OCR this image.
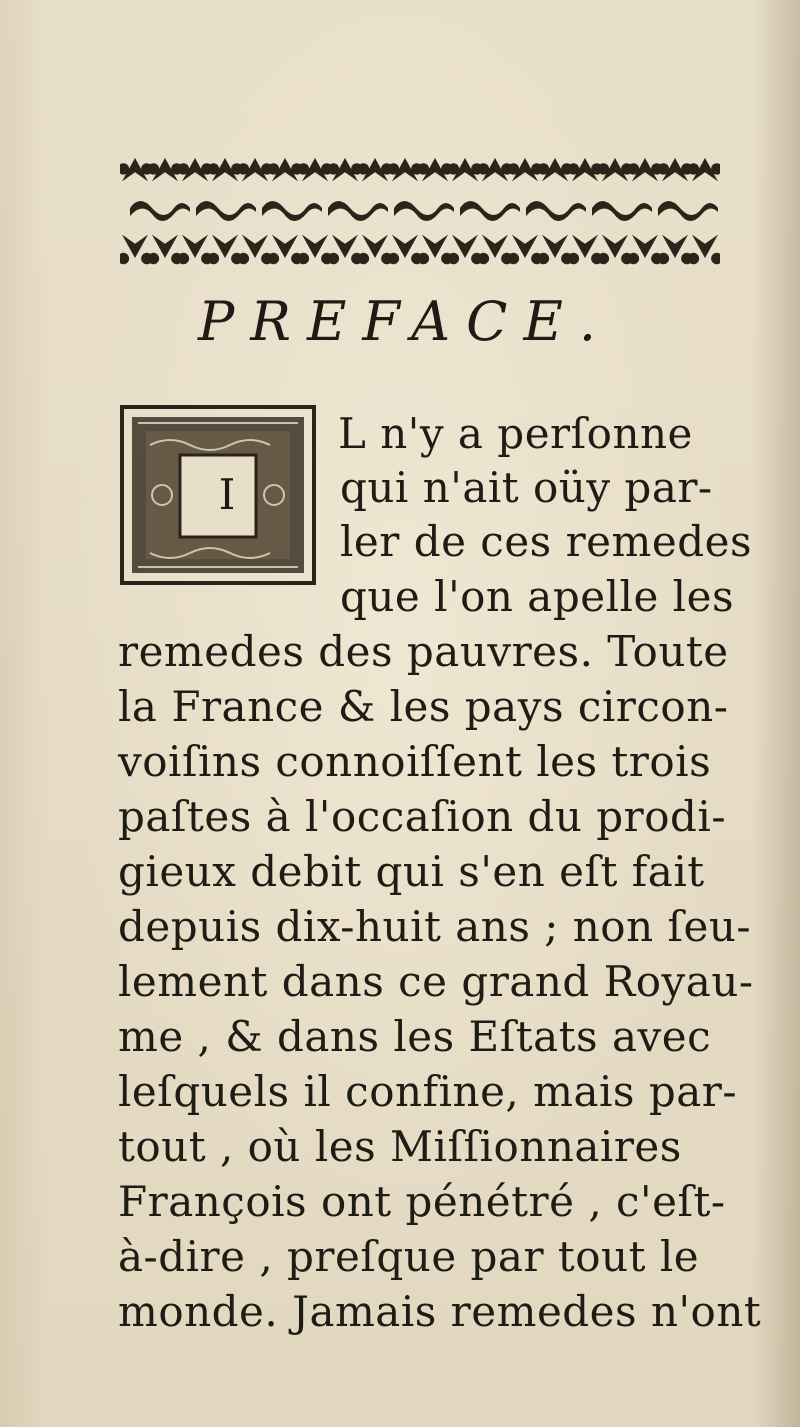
PREFACE.
I
L n'y a perſonne
qui n'ait oüy par-
ler de ces remedes
que l'on apelle les
remedes des pauvres. Toute
la France & les pays circon-
voiſins connoiſſent les trois
paſtes à l'occaſion du prodi-
gieux debit qui s'en eſt fait
depuis dix-huit ans ; non ſeu-
lement dans ce grand Royau-
me , & dans les Eſtats avec
leſquels il confine, mais par-
tout , où les Miſſionnaires
François ont pénétré , c'eſt-
à-dire , preſque par tout le
monde. Jamais remedes n'ont
